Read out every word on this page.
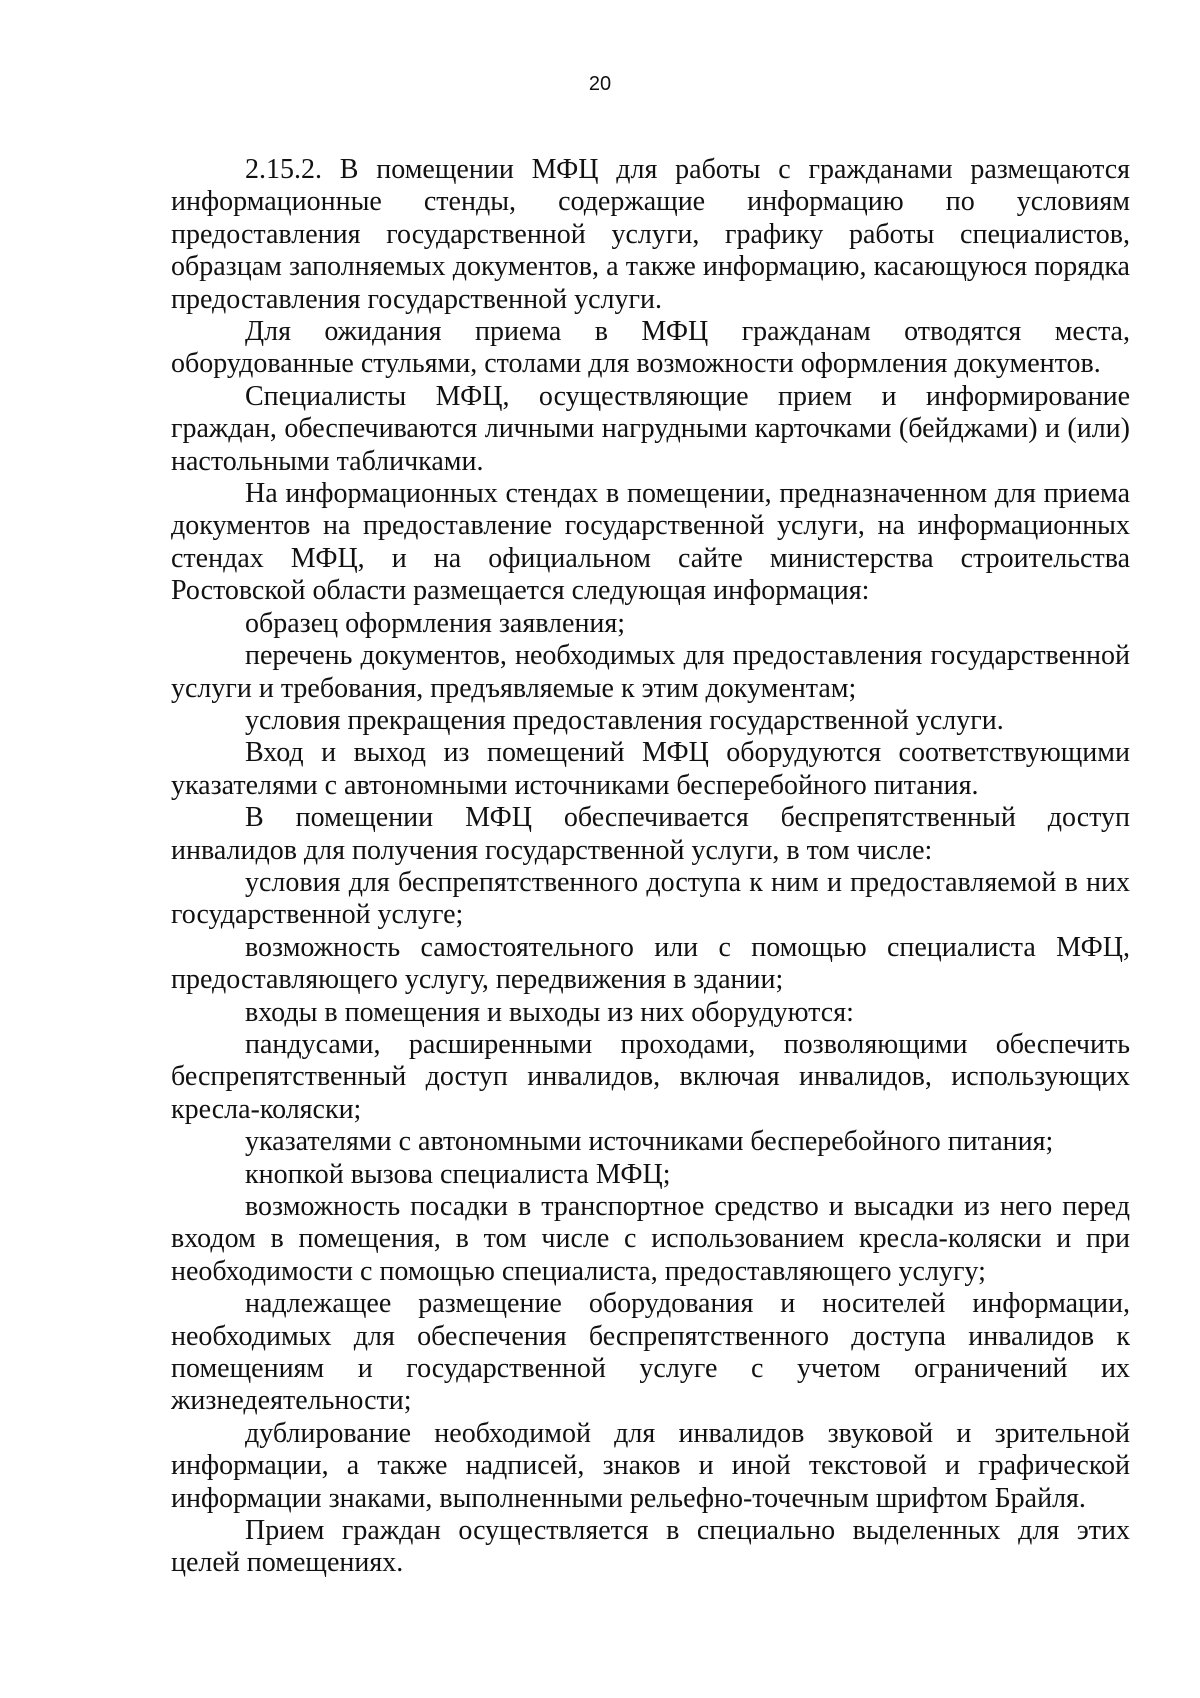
20

2.15.2. В помещении МФЦ для работы с гражданами размещаются информационные стенды, содержащие информацию по условиям предоставления государственной услуги, графику работы специалистов, образцам заполняемых документов, а также информацию, касающуюся порядка предоставления государственной услуги.

Для ожидания приема в МФЦ гражданам отводятся места, оборудованные стульями, столами для возможности оформления документов.

Специалисты МФЦ, осуществляющие прием и информирование граждан, обеспечиваются личными нагрудными карточками (бейджами) и (или) настольными табличками.

На информационных стендах в помещении, предназначенном для приема документов на предоставление государственной услуги, на информационных стендах МФЦ, и на официальном сайте министерства строительства Ростовской области размещается следующая информация:

образец оформления заявления;

перечень документов, необходимых для предоставления государственной услуги и требования, предъявляемые к этим документам;

условия прекращения предоставления государственной услуги.

Вход и выход из помещений МФЦ оборудуются соответствующими указателями с автономными источниками бесперебойного питания.

В помещении МФЦ обеспечивается беспрепятственный доступ инвалидов для получения государственной услуги, в том числе:

условия для беспрепятственного доступа к ним и предоставляемой в них государственной услуге;

возможность самостоятельного или с помощью специалиста МФЦ, предоставляющего услугу, передвижения в здании;

входы в помещения и выходы из них оборудуются:

пандусами, расширенными проходами, позволяющими обеспечить беспрепятственный доступ инвалидов, включая инвалидов, использующих кресла-коляски;

указателями с автономными источниками бесперебойного питания;

кнопкой вызова специалиста МФЦ;

возможность посадки в транспортное средство и высадки из него перед входом в помещения, в том числе с использованием кресла-коляски и при необходимости с помощью специалиста, предоставляющего услугу;

надлежащее размещение оборудования и носителей информации, необходимых для обеспечения беспрепятственного доступа инвалидов к помещениям и государственной услуге с учетом ограничений их жизнедеятельности;

дублирование необходимой для инвалидов звуковой и зрительной информации, а также надписей, знаков и иной текстовой и графической информации знаками, выполненными рельефно-точечным шрифтом Брайля.

Прием граждан осуществляется в специально выделенных для этих целей помещениях.
